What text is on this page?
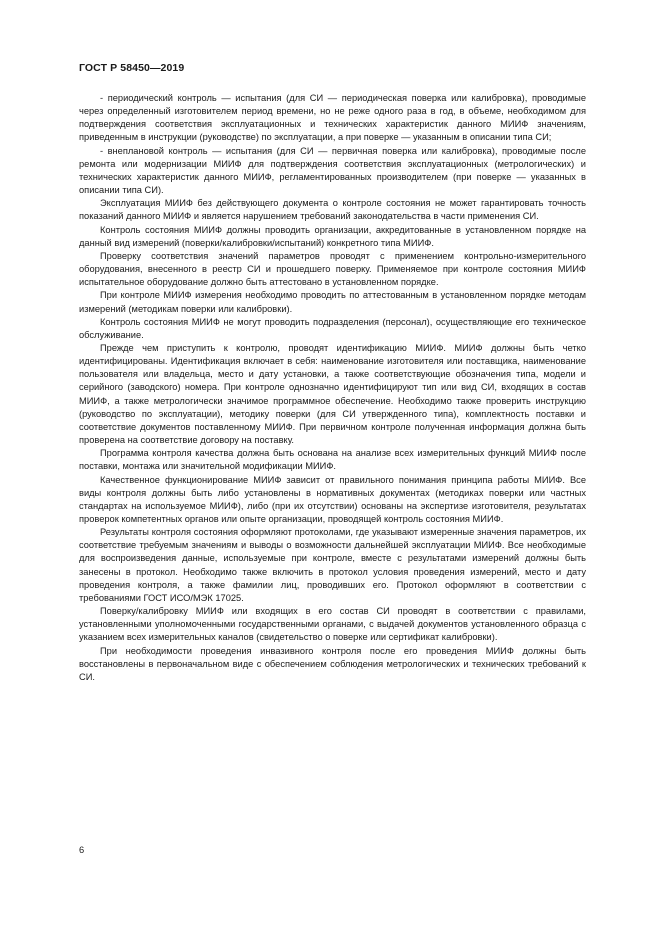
ГОСТ Р 58450—2019

- периодический контроль — испытания (для СИ — периодическая поверка или калибровка), проводимые через определенный изготовителем период времени, но не реже одного раза в год, в объеме, необходимом для подтверждения соответствия эксплуатационных и технических характеристик данного МИИФ значениям, приведенным в инструкции (руководстве) по эксплуатации, а при поверке — указанным в описании типа СИ;

- внеплановой контроль — испытания (для СИ — первичная поверка или калибровка), проводимые после ремонта или модернизации МИИФ для подтверждения соответствия эксплуатационных (метрологических) и технических характеристик данного МИИФ, регламентированных производителем (при поверке — указанных в описании типа СИ).

Эксплуатация МИИФ без действующего документа о контроле состояния не может гарантировать точность показаний данного МИИФ и является нарушением требований законодательства в части применения СИ.

Контроль состояния МИИФ должны проводить организации, аккредитованные в установленном порядке на данный вид измерений (поверки/калибровки/испытаний) конкретного типа МИИФ.

Проверку соответствия значений параметров проводят с применением контрольно-измерительного оборудования, внесенного в реестр СИ и прошедшего поверку. Применяемое при контроле состояния МИИФ испытательное оборудование должно быть аттестовано в установленном порядке.

При контроле МИИФ измерения необходимо проводить по аттестованным в установленном порядке методам измерений (методикам поверки или калибровки).

Контроль состояния МИИФ не могут проводить подразделения (персонал), осуществляющие его техническое обслуживание.

Прежде чем приступить к контролю, проводят идентификацию МИИФ. МИИФ должны быть четко идентифицированы. Идентификация включает в себя: наименование изготовителя или поставщика, наименование пользователя или владельца, место и дату установки, а также соответствующие обозначения типа, модели и серийного (заводского) номера. При контроле однозначно идентифицируют тип или вид СИ, входящих в состав МИИФ, а также метрологически значимое программное обеспечение. Необходимо также проверить инструкцию (руководство по эксплуатации), методику поверки (для СИ утвержденного типа), комплектность поставки и соответствие документов поставленному МИИФ. При первичном контроле полученная информация должна быть проверена на соответствие договору на поставку.

Программа контроля качества должна быть основана на анализе всех измерительных функций МИИФ после поставки, монтажа или значительной модификации МИИФ.

Качественное функционирование МИИФ зависит от правильного понимания принципа работы МИИФ. Все виды контроля должны быть либо установлены в нормативных документах (методиках поверки или частных стандартах на используемое МИИФ), либо (при их отсутствии) основаны на экспертизе изготовителя, результатах проверок компетентных органов или опыте организации, проводящей контроль состояния МИИФ.

Результаты контроля состояния оформляют протоколами, где указывают измеренные значения параметров, их соответствие требуемым значениям и выводы о возможности дальнейшей эксплуатации МИИФ. Все необходимые для воспроизведения данные, используемые при контроле, вместе с результатами измерений должны быть занесены в протокол. Необходимо также включить в протокол условия проведения измерений, место и дату проведения контроля, а также фамилии лиц, проводивших его. Протокол оформляют в соответствии с требованиями ГОСТ ИСО/МЭК 17025.

Поверку/калибровку МИИФ или входящих в его состав СИ проводят в соответствии с правилами, установленными уполномоченными государственными органами, с выдачей документов установленного образца с указанием всех измерительных каналов (свидетельство о поверке или сертификат калибровки).

При необходимости проведения инвазивного контроля после его проведения МИИФ должны быть восстановлены в первоначальном виде с обеспечением соблюдения метрологических и технических требований к СИ.

6
